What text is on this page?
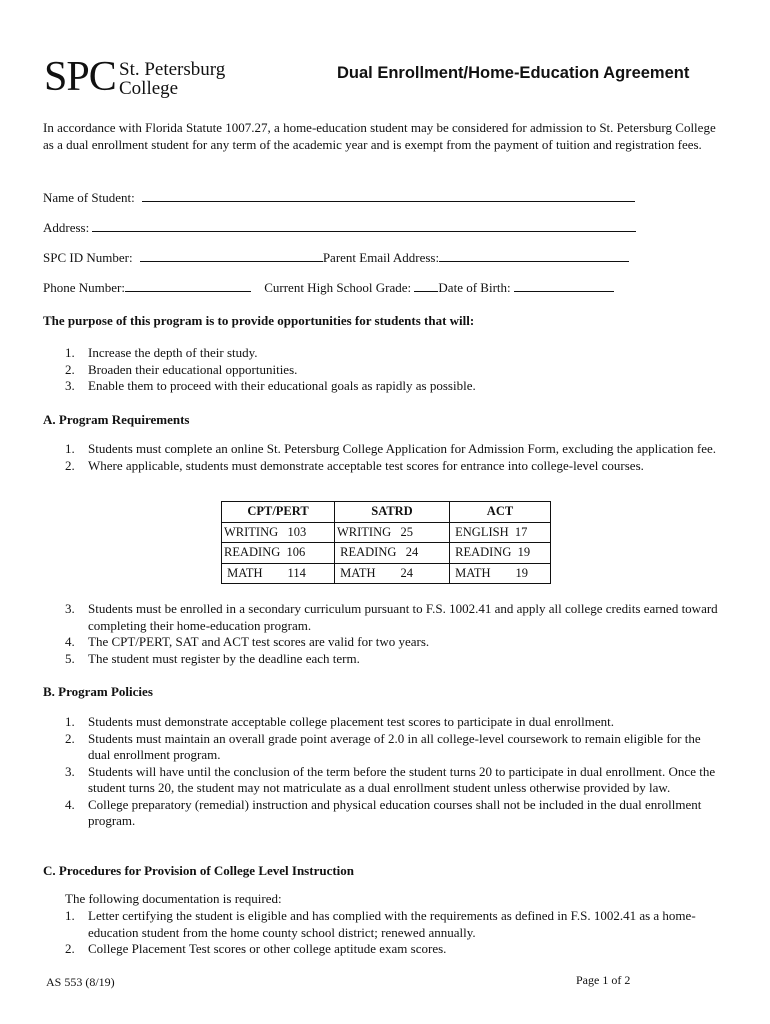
SPC St. Petersburg
College
Dual Enrollment/Home-Education Agreement
In accordance with Florida Statute 1007.27, a home-education student may be considered for admission to St. Petersburg College as a dual enrollment student for any term of the academic year and is exempt from the payment of tuition and registration fees.
Name of Student:
Address:
SPC ID Number:	Parent Email Address:
Phone Number:	Current High School Grade: Date of Birth:
The purpose of this program is to provide opportunities for students that will:
1. Increase the depth of their study.
2. Broaden their educational opportunities.
3. Enable them to proceed with their educational goals as rapidly as possible.
A. Program Requirements
1. Students must complete an online St. Petersburg College Application for Admission Form, excluding the application fee.
2. Where applicable, students must demonstrate acceptable test scores for entrance into college-level courses.
CPT/PERT	SATRD	ACT
WRITING 103	WRITING 25	ENGLISH 17
READING 106	READING 24	READING 19
MATH 114	MATH 24	MATH 19
3. Students must be enrolled in a secondary curriculum pursuant to F.S. 1002.41 and apply all college credits earned toward completing their home-education program.
4. The CPT/PERT, SAT and ACT test scores are valid for two years.
5. The student must register by the deadline each term.
B. Program Policies
1. Students must demonstrate acceptable college placement test scores to participate in dual enrollment.
2. Students must maintain an overall grade point average of 2.0 in all college-level coursework to remain eligible for the dual enrollment program.
3. Students will have until the conclusion of the term before the student turns 20 to participate in dual enrollment. Once the student turns 20, the student may not matriculate as a dual enrollment student unless otherwise provided by law.
4. College preparatory (remedial) instruction and physical education courses shall not be included in the dual enrollment program.
C. Procedures for Provision of College Level Instruction
The following documentation is required:
1. Letter certifying the student is eligible and has complied with the requirements as defined in F.S. 1002.41 as a home-education student from the home county school district; renewed annually.
2. College Placement Test scores or other college aptitude exam scores.
AS 553 (8/19)	Page 1 of 2
